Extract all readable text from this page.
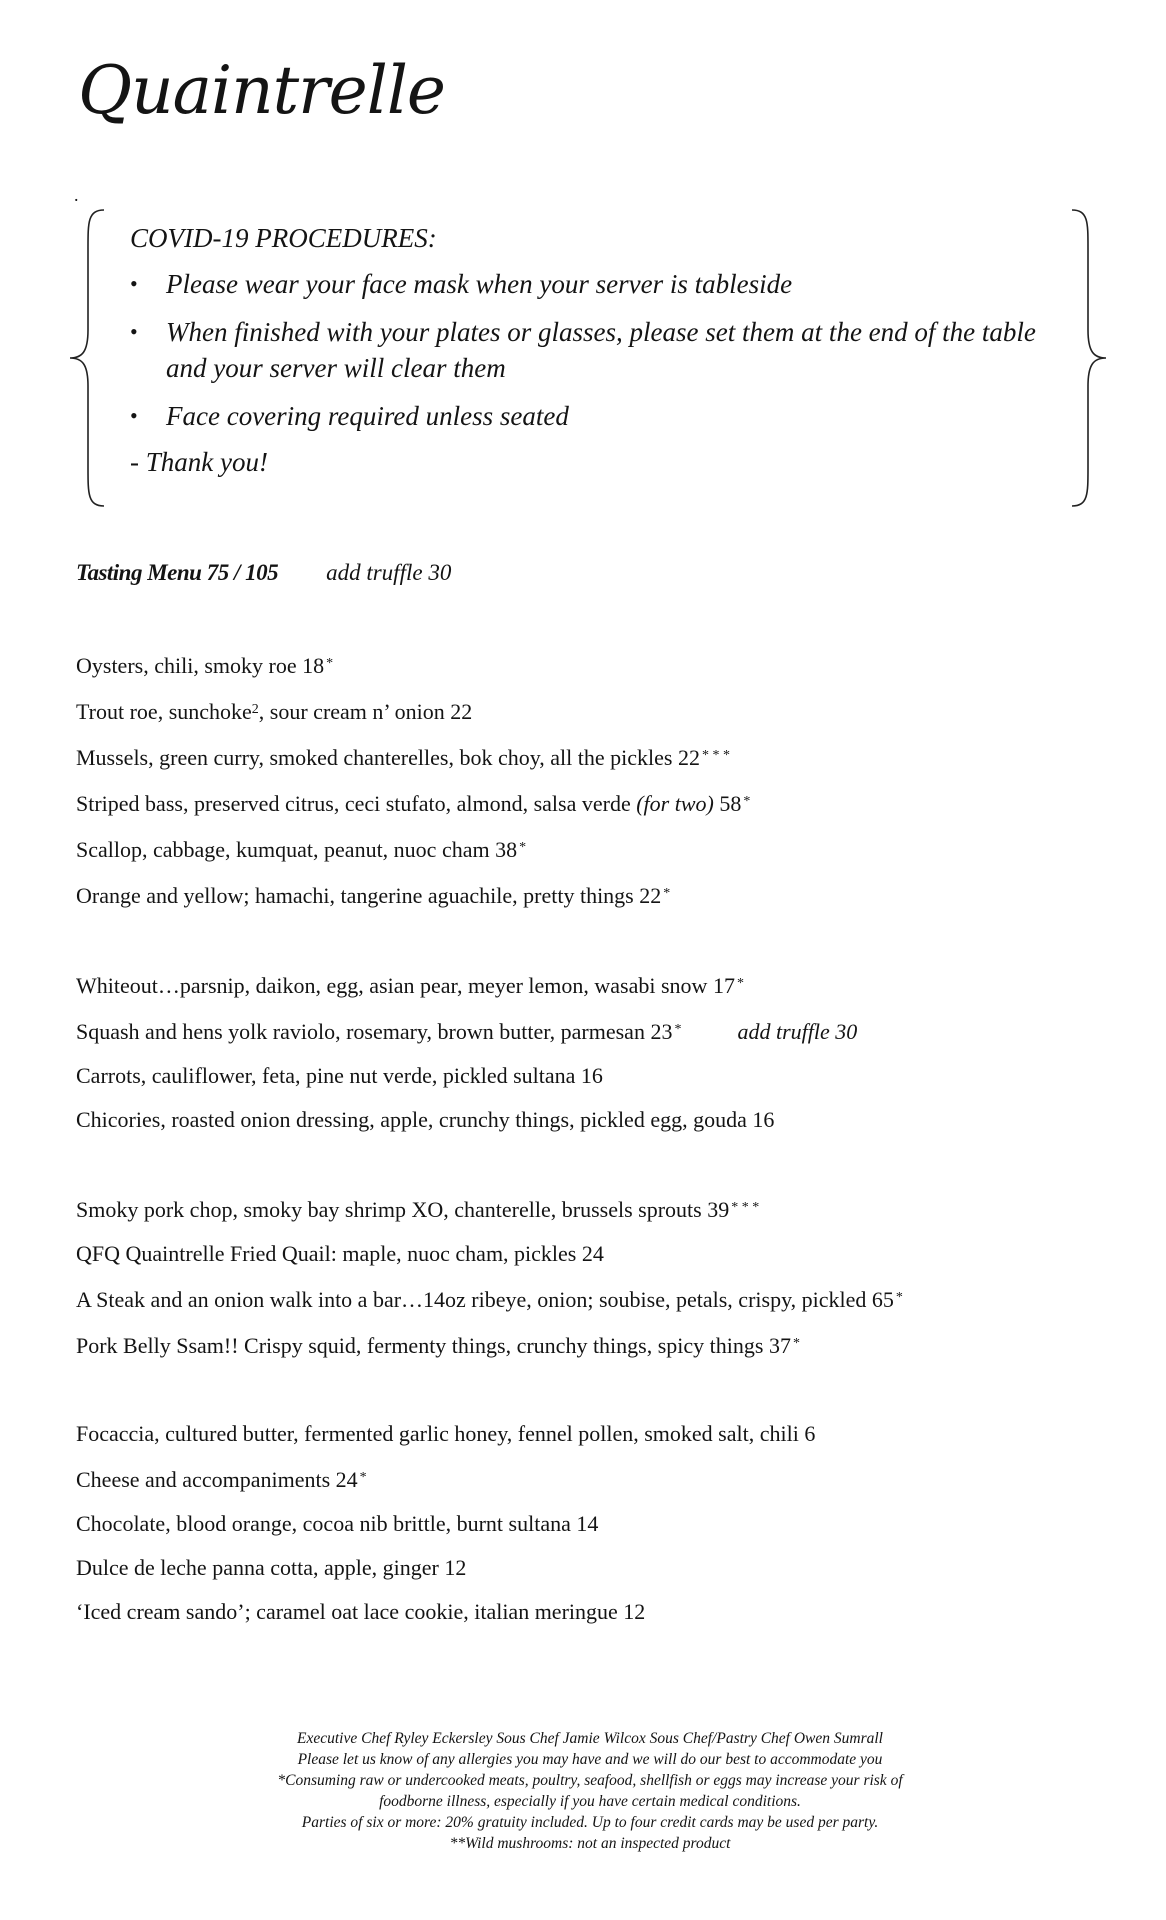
Quaintrelle
.
COVID-19 PROCEDURES:
• Please wear your face mask when your server is tableside
• When finished with your plates or glasses, please set them at the end of the table and your server will clear them
• Face covering required unless seated
- Thank you!
Tasting Menu 75 / 105 add truffle 30
Oysters, chili, smoky roe 18 *
Trout roe, sunchoke$^2$, sour cream n’ onion 22
Mussels, green curry, smoked chanterelles, bok choy, all the pickles 22 * * *
Striped bass, preserved citrus, ceci stufato, almond, salsa verde (for two) 58 *
Scallop, cabbage, kumquat, peanut, nuoc cham 38 *
Orange and yellow; hamachi, tangerine aguachile, pretty things 22 *
Whiteout…parsnip, daikon, egg, asian pear, meyer lemon, wasabi snow 17 *
Squash and hens yolk raviolo, rosemary, brown butter, parmesan 23 *	add truffle 30
Carrots, cauliflower, feta, pine nut verde, pickled sultana 16
Chicories, roasted onion dressing, apple, crunchy things, pickled egg, gouda 16
Smoky pork chop, smoky bay shrimp XO, chanterelle, brussels sprouts 39 * * *
QFQ Quaintrelle Fried Quail: maple, nuoc cham, pickles 24
A Steak and an onion walk into a bar…14oz ribeye, onion; soubise, petals, crispy, pickled 65 *
Pork Belly Ssam!! Crispy squid, fermenty things, crunchy things, spicy things 37 *
Focaccia, cultured butter, fermented garlic honey, fennel pollen, smoked salt, chili 6
Cheese and accompaniments 24 *
Chocolate, blood orange, cocoa nib brittle, burnt sultana 14
Dulce de leche panna cotta, apple, ginger 12
‘Iced cream sando’; caramel oat lace cookie, italian meringue 12
Executive Chef Ryley Eckersley Sous Chef Jamie Wilcox Sous Chef/Pastry Chef Owen Sumrall
Please let us know of any allergies you may have and we will do our best to accommodate you
*Consuming raw or undercooked meats, poultry, seafood, shellfish or eggs may increase your risk of
foodborne illness, especially if you have certain medical conditions.
Parties of six or more: 20% gratuity included. Up to four credit cards may be used per party.
**Wild mushrooms: not an inspected product
